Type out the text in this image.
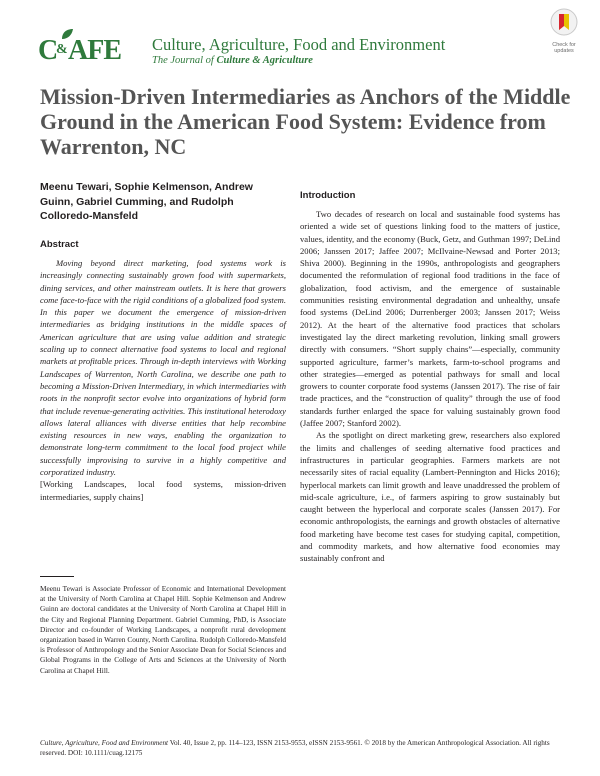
C
& AFE Culture, Agriculture, Food and Environment
The Journal of Culture & Agriculture
Check for
updates
Mission-Driven Intermediaries as Anchors of the Middle Ground in the American Food System: Evidence from Warrenton, NC
Meenu Tewari, Sophie Kelmenson, Andrew Guinn, Gabriel Cumming, and Rudolph Colloredo-Mansfeld
Abstract
Moving beyond direct marketing, food systems work is increasingly connecting sustainably grown food with supermarkets, dining services, and other mainstream outlets. It is here that growers come face-to-face with the rigid conditions of a globalized food system. In this paper we document the emergence of mission-driven intermediaries as bridging institutions in the middle spaces of American agriculture that are using value addition and strategic scaling up to connect alternative food systems to local and regional markets at profitable prices. Through in-depth interviews with Working Landscapes of Warrenton, North Carolina, we describe one path to becoming a Mission-Driven Intermediary, in which intermediaries with roots in the nonprofit sector evolve into organizations of hybrid form that include revenue-generating activities. This institutional heterodoxy allows lateral alliances with diverse entities that help recombine existing resources in new ways, enabling the organization to demonstrate long-term commitment to the local food project while successfully improvising to survive in a highly competitive and corporatized industry.
[Working Landscapes, local food systems, mission-driven intermediaries, supply chains]
Meenu Tewari is Associate Professor of Economic and International Development at the University of North Carolina at Chapel Hill. Sophie Kelmenson and Andrew Guinn are doctoral candidates at the University of North Carolina at Chapel Hill in the City and Regional Planning Department. Gabriel Cumming, PhD, is Associate Director and co-founder of Working Landscapes, a nonprofit rural development organization based in Warren County, North Carolina. Rudolph Colloredo-Mansfeld is Professor of Anthropology and the Senior Associate Dean for Social Sciences and Global Programs in the College of Arts and Sciences at the University of North Carolina at Chapel Hill.
Introduction

Two decades of research on local and sustainable food systems has oriented a wide set of questions linking food to the matters of justice, values, identity, and the economy (Buck, Getz, and Guthman 1997; DeLind 2006; Janssen 2017; Jaffee 2007; McIlvaine-Newsad and Porter 2013; Shiva 2000). Beginning in the 1990s, anthropologists and geographers documented the reformulation of regional food traditions in the face of globalization, food activism, and the emergence of sustainable communities resisting environmental degradation and unhealthy, unsafe food systems (DeLind 2006; Durrenberger 2003; Janssen 2017; Weiss 2012). At the heart of the alternative food practices that scholars investigated lay the direct marketing revolution, linking small growers directly with consumers. “Short supply chains”—especially, community supported agriculture, farmer’s markets, farm-to-school programs and other strategies—emerged as potential pathways for small and local growers to counter corporate food systems (Janssen 2017). The rise of fair trade practices, and the “construction of quality” through the use of food standards further enlarged the space for valuing sustainably grown food (Jaffee 2007; Stanford 2002).

As the spotlight on direct marketing grew, researchers also explored the limits and challenges of seeding alternative food practices and infrastructures in particular geographies. Farmers markets are not necessarily sites of racial equality (Lambert-Pennington and Hicks 2016); hyperlocal markets can limit growth and leave unaddressed the problem of mid-scale agriculture, i.e., of farmers aspiring to grow sustainably but caught between the hyperlocal and corporate scales (Janssen 2017). For economic anthropologists, the earnings and growth obstacles of alternative food marketing have become test cases for studying capital, competition, and commodity markets, and how alternative food economies may sustainably confront and

Culture, Agriculture, Food and Environment Vol. 40, Issue 2, pp. 114–123, ISSN 2153-9553, eISSN 2153-9561. © 2018 by the American Anthropological Association. All rights reserved. DOI: 10.1111/cuag.12175
